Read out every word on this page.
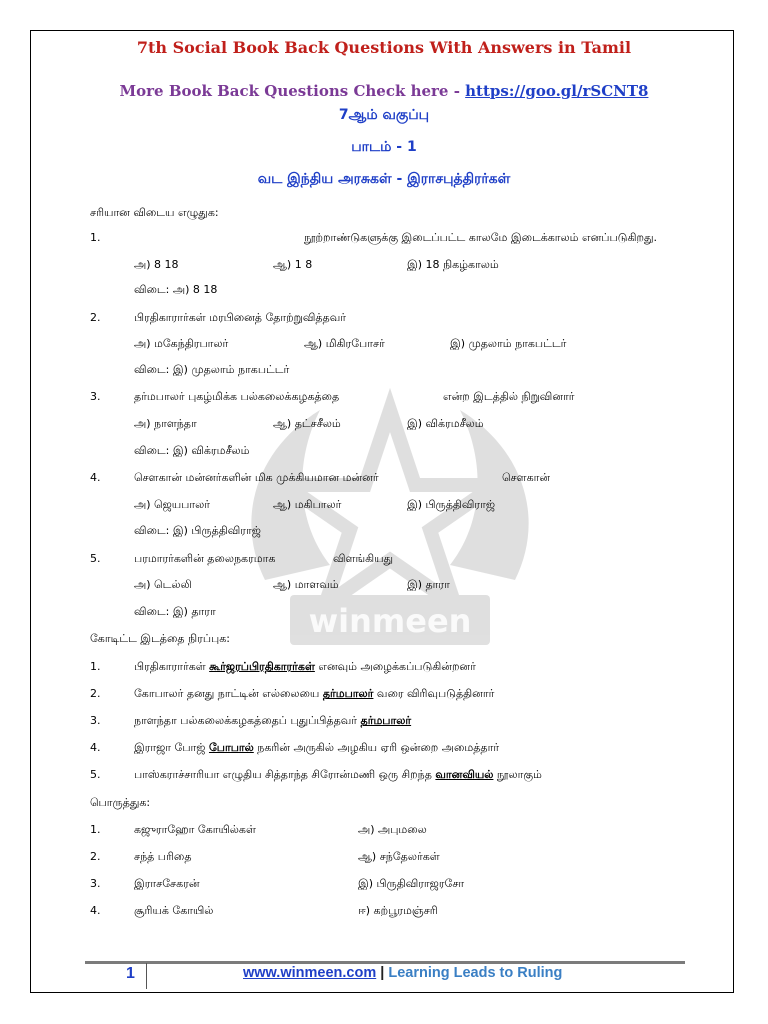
7th Social Book Back Questions With Answers in Tamil
More Book Back Questions Check here - https://goo.gl/rSCNT8
7ஆம் வகுப்பு
பாடம் - 1
வட இந்திய அரசுகள் - இராசபுத்திரர்கள்
winmeen
சரியான விடைய எழுதுக:
1.	நூற்றாண்டுகளுக்கு இடைப்பட்ட காலமே இடைக்காலம் எனப்படுகிறது.
அ) 8 18	ஆ) 1 8	இ) 18 நிகழ்காலம்
விடை: அ) 8 18
2.	பிரதிகாரார்கள் மரபினைத் தோற்றுவித்தவர்
அ) மகேந்திரபாலர்	ஆ) மிகிரபோசர்	இ) முதலாம் நாகபட்டர்
விடை: இ) முதலாம் நாகபட்டர்
3.	தர்மபாலர் புகழ்மிக்க பல்கலைக்கழகத்தை	என்ற இடத்தில் நிறுவினார்
அ) நாளந்தா	ஆ) தட்சசீலம்	இ) விக்ரமசீலம்
விடை: இ) விக்ரமசீலம்
4.	சௌகான் மன்னர்களின் மிக முக்கியமான மன்னர்	சௌகான்
அ) ஜெயபாலர்	ஆ) மகிபாலர்	இ) பிருத்திவிராஜ்
விடை: இ) பிருத்திவிராஜ்
5.	பரமாரர்களின் தலைநகரமாக	விளங்கியது
அ) டெல்லி	ஆ) மாளவம்	இ) தாரா
விடை: இ) தாரா
கோடிட்ட இடத்தை நிரப்புக:
1.	பிரதிகாரார்கள் கூர்ஜரப்பிரதிகாரர்கள் எனவும் அழைக்கப்படுகின்றனர்
2.	கோபாலர் தனது நாட்டின் எல்லையை தர்மபாலர் வரை விரிவுபடுத்தினார்
3.	நாளந்தா பல்கலைக்கழகத்தைப் புதுப்பித்தவர் தர்மபாலர்
4.	இராஜா போஜ் போபால் நகரின் அருகில் அழகிய ஏரி ஒன்றை அமைத்தார்
5.	பாஸ்கராச்சாரியா எழுதிய சித்தாந்த சிரோன்மணி ஒரு சிறந்த வானவியல் நூலாகும்
பொருத்துக:
1.	கஜுராஹோ கோயில்கள்	அ) அபுமலை
2.	சந்த் பரிதை	ஆ) சந்தேலர்கள்
3.	இராசசேகரன்	இ) பிருதிவிராஜரசோ
4.	சூரியக் கோயில்	ஈ) கற்பூரமஞ்சரி
1	www.winmeen.com | Learning Leads to Ruling
